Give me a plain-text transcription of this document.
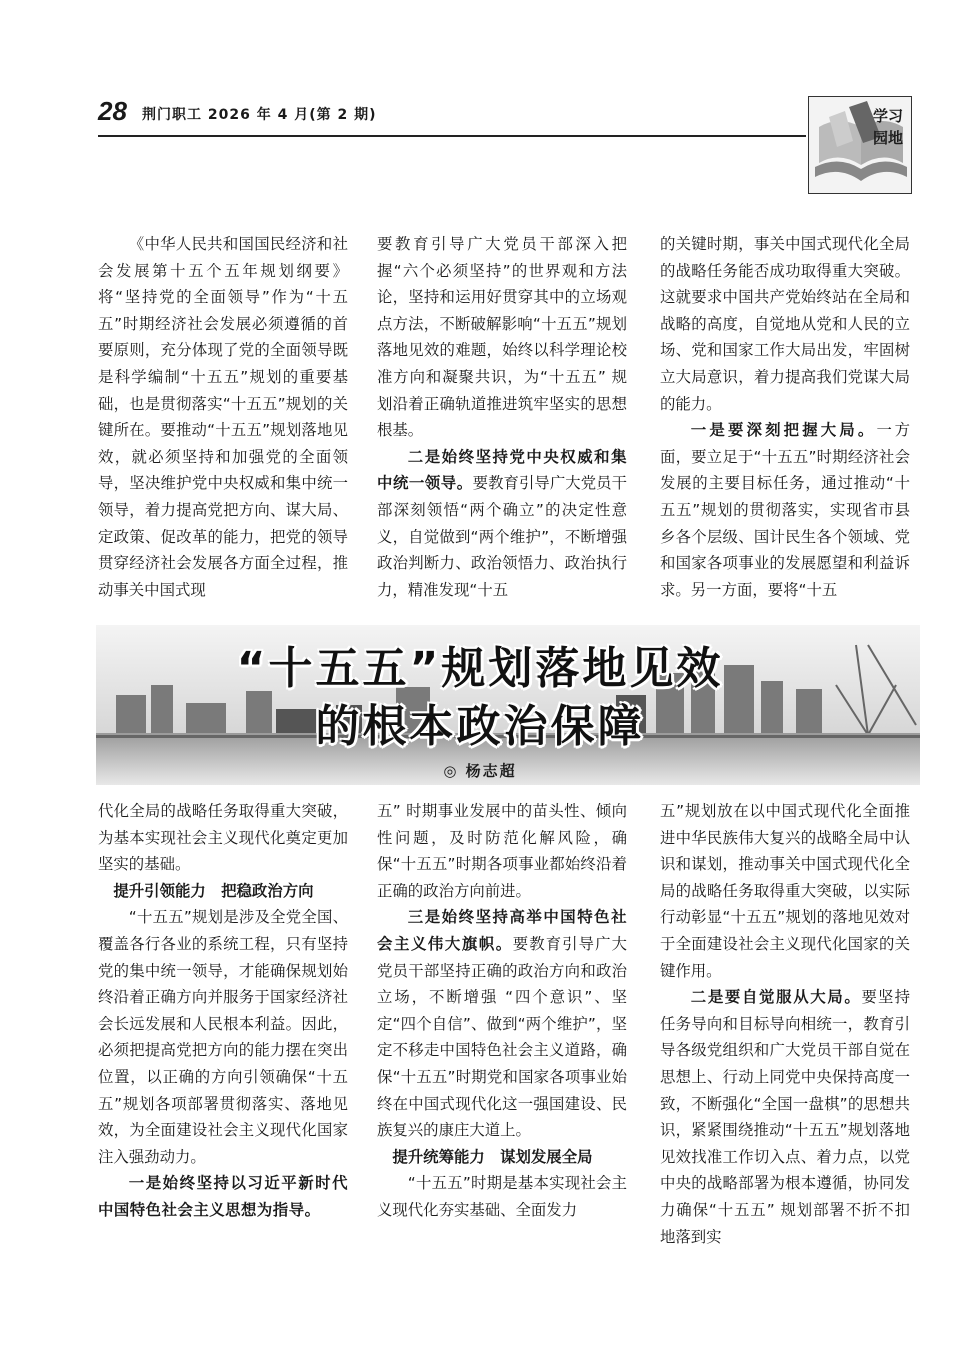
28 荆门职工 2026 年 4 月(第 2 期)	学习
园地

《中华人民共和国国民经济和社会发展第十五个五年规划纲要》将“坚持党的全面领导”作为“十五五”时期经济社会发展必须遵循的首要原则，充分体现了党的全面领导既是科学编制“十五五”规划的重要基础，也是贯彻落实“十五五”规划的关键所在。要推动“十五五”规划落地见效，就必须坚持和加强党的全面领导，坚决维护党中央权威和集中统一领导，着力提高党把方向、谋大局、定政策、促改革的能力，把党的领导贯穿经济社会发展各方面全过程，推动事关中国式现

要教育引导广大党员干部深入把握“六个必须坚持”的世界观和方法论，坚持和运用好贯穿其中的立场观点方法，不断破解影响“十五五”规划落地见效的难题，始终以科学理论校准方向和凝聚共识，为“十五五” 规划沿着正确轨道推进筑牢坚实的思想根基。

二是始终坚持党中央权威和集中统一领导。要教育引导广大党员干部深刻领悟“两个确立”的决定性意义，自觉做到“两个维护”，不断增强政治判断力、政治领悟力、政治执行力，精准发现“十五

的关键时期，事关中国式现代化全局的战略任务能否成功取得重大突破。这就要求中国共产党始终站在全局和战略的高度，自觉地从党和人民的立场、党和国家工作大局出发，牢固树立大局意识，着力提高我们党谋大局的能力。

一是要深刻把握大局。一方面，要立足于“十五五”时期经济社会发展的主要目标任务，通过推动“十五五”规划的贯彻落实，实现省市县乡各个层级、国计民生各个领域、党和国家各项事业的发展愿望和利益诉求。另一方面，要将“十五

“十五五”规划落地见效
的根本政治保障
◎ 杨志超

代化全局的战略任务取得重大突破，为基本实现社会主义现代化奠定更加坚实的基础。

提升引领能力　把稳政治方向

“十五五”规划是涉及全党全国、覆盖各行各业的系统工程，只有坚持党的集中统一领导，才能确保规划始终沿着正确方向并服务于国家经济社会长远发展和人民根本利益。因此，必须把提高党把方向的能力摆在突出位置，以正确的方向引领确保“十五五”规划各项部署贯彻落实、落地见效，为全面建设社会主义现代化国家注入强劲动力。

一是始终坚持以习近平新时代中国特色社会主义思想为指导。

五” 时期事业发展中的苗头性、倾向性问题，及时防范化解风险，确保“十五五”时期各项事业都始终沿着正确的政治方向前进。

三是始终坚持高举中国特色社会主义伟大旗帜。要教育引导广大党员干部坚持正确的政治方向和政治立场，不断增强 “四个意识”、坚定“四个自信”、做到“两个维护”，坚定不移走中国特色社会主义道路，确保“十五五”时期党和国家各项事业始终在中国式现代化这一强国建设、民族复兴的康庄大道上。

提升统筹能力　谋划发展全局

“十五五”时期是基本实现社会主义现代化夯实基础、全面发力

五”规划放在以中国式现代化全面推进中华民族伟大复兴的战略全局中认识和谋划，推动事关中国式现代化全局的战略任务取得重大突破，以实际行动彰显“十五五”规划的落地见效对于全面建设社会主义现代化国家的关键作用。

二是要自觉服从大局。要坚持任务导向和目标导向相统一，教育引导各级党组织和广大党员干部自觉在思想上、行动上同党中央保持高度一致，不断强化“全国一盘棋”的思想共识，紧紧围绕推动“十五五”规划落地见效找准工作切入点、着力点，以党中央的战略部署为根本遵循，协同发力确保“十五五” 规划部署不折不扣地落到实
